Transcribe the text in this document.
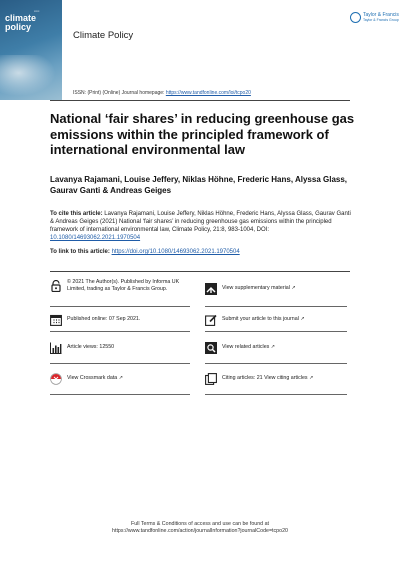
▪▪▪▪▪
climate
policy
Climate Policy
Taylor & Francis
Taylor & Francis Group
ISSN: (Print) (Online) Journal homepage: https://www.tandfonline.com/loi/tcpo20
National ‘fair shares’ in reducing greenhouse gas emissions within the principled framework of international environmental law
Lavanya Rajamani, Louise Jeffery, Niklas Höhne, Frederic Hans, Alyssa Glass, Gaurav Ganti & Andreas Geiges
To cite this article: Lavanya Rajamani, Louise Jeffery, Niklas Höhne, Frederic Hans, Alyssa Glass, Gaurav Ganti & Andreas Geiges (2021) National ‘fair shares’ in reducing greenhouse gas emissions within the principled framework of international environmental law, Climate Policy, 21:8, 983-1004, DOI: 10.1080/14693062.2021.1970504
To link to this article: https://doi.org/10.1080/14693062.2021.1970504
© 2021 The Author(s). Published by Informa UK Limited, trading as Taylor & Francis Group.	View supplementary material ↗
Published online: 07 Sep 2021.	Submit your article to this journal ↗
Article views: 12550	View related articles ↗
View Crossmark data ↗	Citing articles: 21 View citing articles ↗
Full Terms & Conditions of access and use can be found at
https://www.tandfonline.com/action/journalInformation?journalCode=tcpo20
